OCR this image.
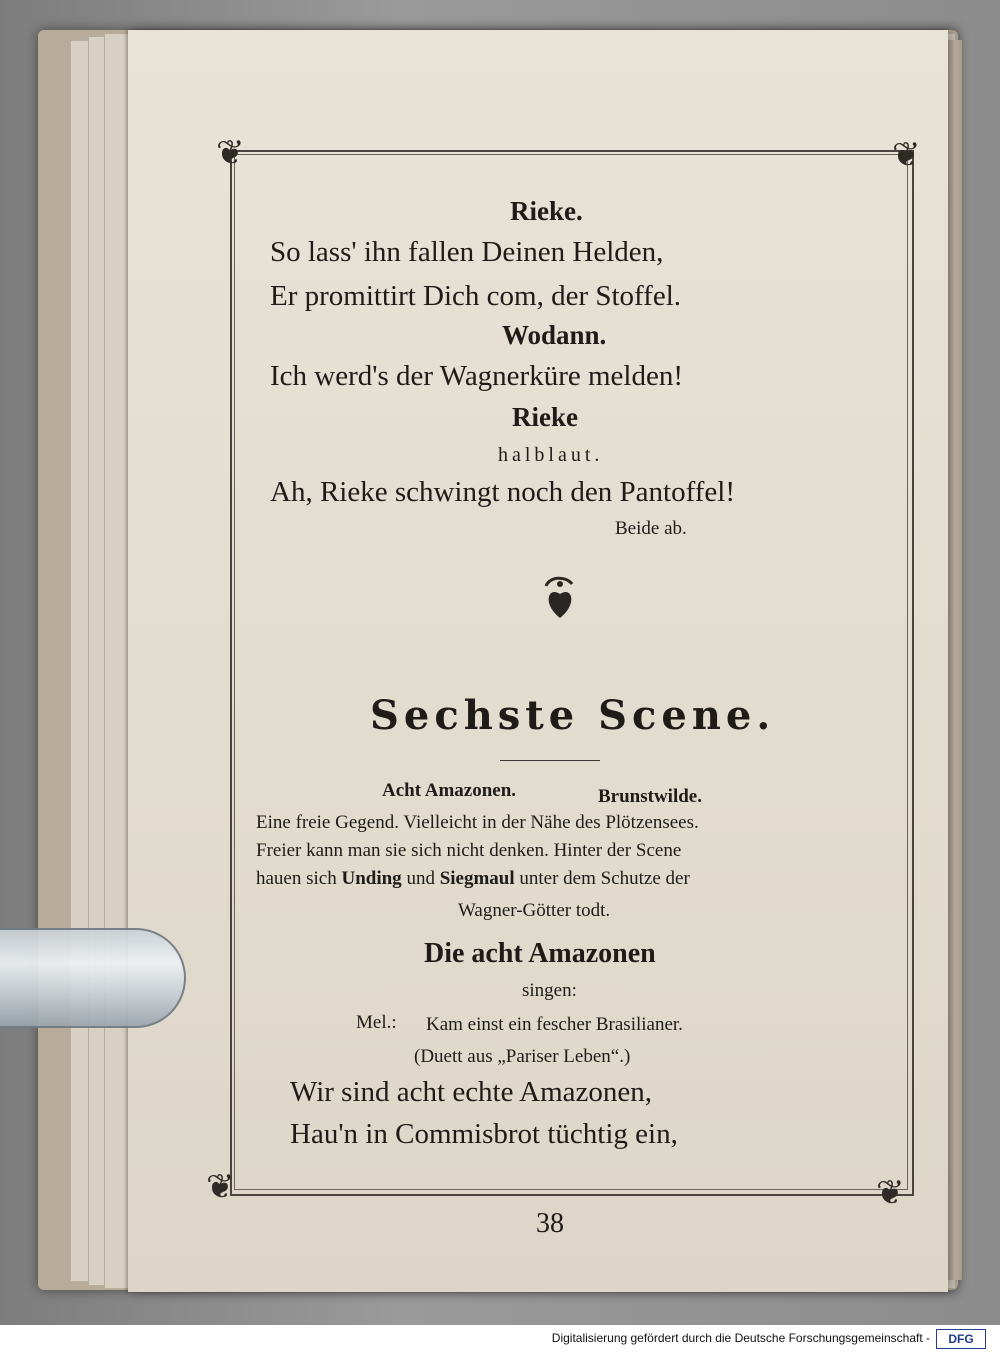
❦	❦
❦	❦
Rieke.
So lass' ihn fallen Deinen Helden,
Er promittirt Dich com, der Stoffel.
Wodann.
Ich werd's der Wagnerküre melden!
Rieke
halblaut.
Ah, Rieke schwingt noch den Pantoffel!
Beide ab.
Sechste Scene.
Acht Amazonen.	Brunstwilde.
Eine freie Gegend. Vielleicht in der Nähe des Plötzensees.
Freier kann man sie sich nicht denken. Hinter der Scene
hauen sich Unding und Siegmaul unter dem Schutze der
Wagner-Götter todt.
Die acht Amazonen
singen:
Mel.: Kam einst ein fescher Brasilianer.
(Duett aus „Pariser Leben“.)
Wir sind acht echte Amazonen,
Hau'n in Commisbrot tüchtig ein,
38
Digitalisierung gefördert durch die Deutsche Forschungsgemeinschaft -	DFG
